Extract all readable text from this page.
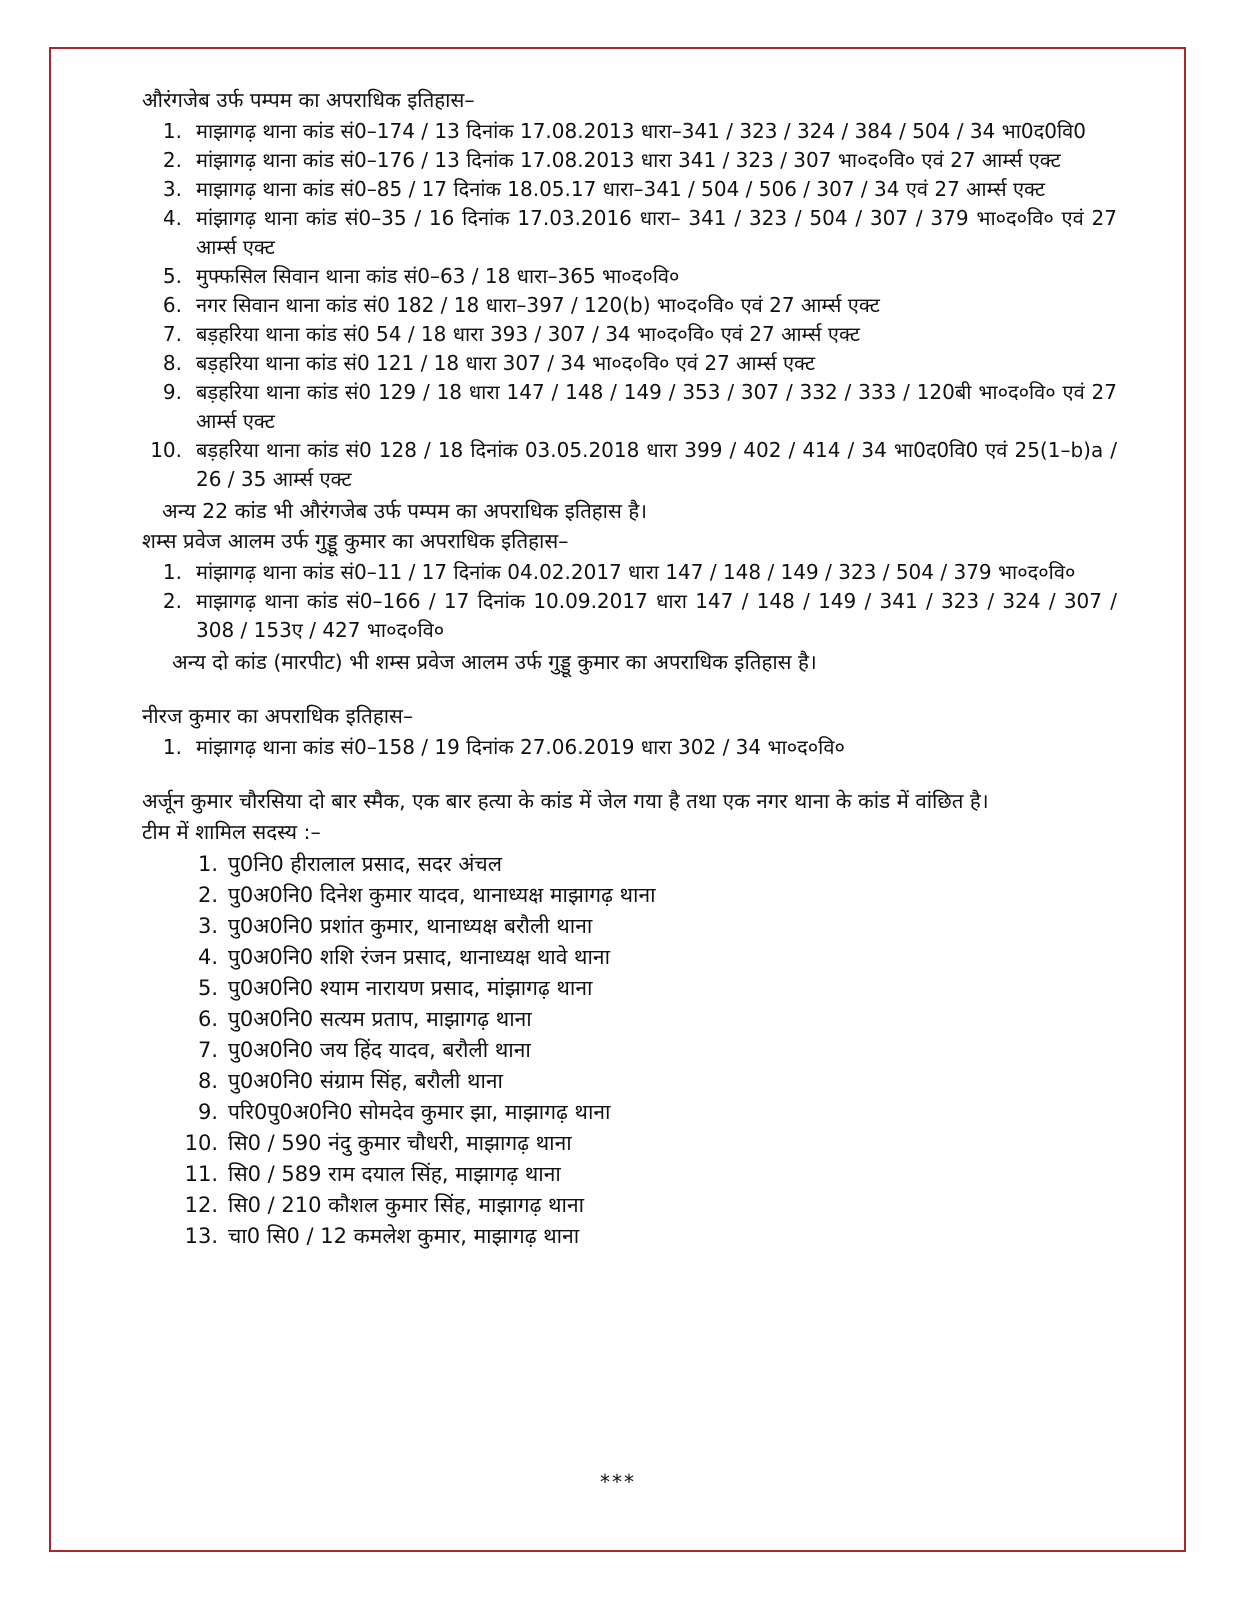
औरंगजेब उर्फ पम्पम का अपराधिक इतिहास–

1. माझागढ़ थाना कांड सं0–174 / 13 दिनांक 17.08.2013 धारा–341 / 323 / 324 / 384 / 504 / 34 भा0द0वि0
2. मांझागढ़ थाना कांड सं0–176 / 13 दिनांक 17.08.2013 धारा 341 / 323 / 307 भा०द०वि० एवं 27 आर्म्स एक्ट
3. माझागढ़ थाना कांड सं0–85 / 17 दिनांक 18.05.17 धारा–341 / 504 / 506 / 307 / 34 एवं 27 आर्म्स एक्ट
4. मांझागढ़ थाना कांड सं0–35 / 16 दिनांक 17.03.2016 धारा– 341 / 323 / 504 / 307 / 379 भा०द०वि० एवं 27 आर्म्स एक्ट
5. मुफ्फसिल सिवान थाना कांड सं0–63 / 18 धारा–365 भा०द०वि०
6. नगर सिवान थाना कांड सं0 182 / 18 धारा–397 / 120(b) भा०द०वि० एवं 27 आर्म्स एक्ट
7. बड़हरिया थाना कांड सं0 54 / 18 धारा 393 / 307 / 34 भा०द०वि० एवं 27 आर्म्स एक्ट
8. बड़हरिया थाना कांड सं0 121 / 18 धारा 307 / 34 भा०द०वि० एवं 27 आर्म्स एक्ट
9. बड़हरिया थाना कांड सं0 129 / 18 धारा 147 / 148 / 149 / 353 / 307 / 332 / 333 / 120बी भा०द०वि० एवं 27 आर्म्स एक्ट
10. बड़हरिया थाना कांड सं0 128 / 18 दिनांक 03.05.2018 धारा 399 / 402 / 414 / 34 भा0द0वि0 एवं 25(1–b)a / 26 / 35 आर्म्स एक्ट

अन्य 22 कांड भी औरंगजेब उर्फ पम्पम का अपराधिक इतिहास है।

शम्स प्रवेज आलम उर्फ गुड्डू कुमार का अपराधिक इतिहास–

1. मांझागढ़ थाना कांड सं0–11 / 17 दिनांक 04.02.2017 धारा 147 / 148 / 149 / 323 / 504 / 379 भा०द०वि०
2. माझागढ़ थाना कांड सं0–166 / 17 दिनांक 10.09.2017 धारा 147 / 148 / 149 / 341 / 323 / 324 / 307 / 308 / 153ए / 427 भा०द०वि०

अन्य दो कांड (मारपीट) भी शम्स प्रवेज आलम उर्फ गुड्डू कुमार का अपराधिक इतिहास है।

नीरज कुमार का अपराधिक इतिहास–

1. मांझागढ़ थाना कांड सं0–158 / 19 दिनांक 27.06.2019 धारा 302 / 34 भा०द०वि०

अर्जून कुमार चौरसिया दो बार स्मैक, एक बार हत्या के कांड में जेल गया है तथा एक नगर थाना के कांड में वांछित है।

टीम में शामिल सदस्य :–

1. पु0नि0 हीरालाल प्रसाद, सदर अंचल
2. पु0अ0नि0 दिनेश कुमार यादव, थानाध्यक्ष माझागढ़ थाना
3. पु0अ0नि0 प्रशांत कुमार, थानाध्यक्ष बरौली थाना
4. पु0अ0नि0 शशि रंजन प्रसाद, थानाध्यक्ष थावे थाना
5. पु0अ0नि0 श्याम नारायण प्रसाद, मांझागढ़ थाना
6. पु0अ0नि0 सत्यम प्रताप, माझागढ़ थाना
7. पु0अ0नि0 जय हिंद यादव, बरौली थाना
8. पु0अ0नि0 संग्राम सिंह, बरौली थाना
9. परि0पु0अ0नि0 सोमदेव कुमार झा, माझागढ़ थाना
10. सि0 / 590 नंदु कुमार चौधरी, माझागढ़ थाना
11. सि0 / 589 राम दयाल सिंह, माझागढ़ थाना
12. सि0 / 210 कौशल कुमार सिंह, माझागढ़ थाना
13. चा0 सि0 / 12 कमलेश कुमार, माझागढ़ थाना
***
